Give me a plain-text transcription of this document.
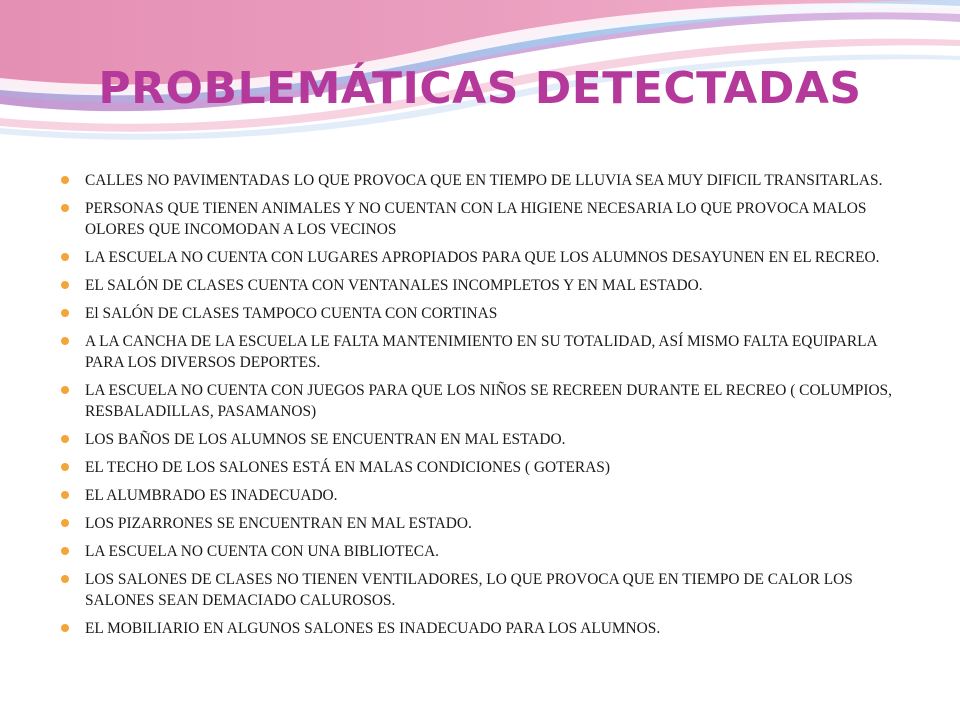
PROBLEMÁTICAS DETECTADAS
CALLES NO PAVIMENTADAS LO QUE PROVOCA QUE EN TIEMPO DE LLUVIA SEA MUY DIFICIL TRANSITARLAS.
PERSONAS QUE TIENEN ANIMALES Y NO CUENTAN CON LA HIGIENE NECESARIA LO QUE PROVOCA MALOS OLORES QUE INCOMODAN A LOS VECINOS
LA ESCUELA NO CUENTA CON LUGARES APROPIADOS PARA QUE LOS ALUMNOS DESAYUNEN EN EL RECREO.
EL SALÓN DE CLASES CUENTA CON VENTANALES INCOMPLETOS Y EN MAL ESTADO.
El SALÓN DE CLASES TAMPOCO CUENTA CON CORTINAS
A LA CANCHA DE LA ESCUELA LE FALTA MANTENIMIENTO EN SU TOTALIDAD, ASÍ MISMO FALTA EQUIPARLA PARA LOS DIVERSOS DEPORTES.
LA ESCUELA NO CUENTA CON JUEGOS PARA QUE LOS NIÑOS SE RECREEN DURANTE EL RECREO ( COLUMPIOS, RESBALADILLAS, PASAMANOS)
LOS BAÑOS DE LOS ALUMNOS SE ENCUENTRAN EN MAL ESTADO.
EL TECHO DE LOS SALONES ESTÁ EN MALAS CONDICIONES ( GOTERAS)
EL ALUMBRADO ES INADECUADO.
LOS PIZARRONES SE ENCUENTRAN EN MAL ESTADO.
LA ESCUELA NO CUENTA CON UNA BIBLIOTECA.
LOS SALONES DE CLASES NO TIENEN VENTILADORES, LO QUE PROVOCA QUE EN TIEMPO DE CALOR LOS SALONES SEAN DEMACIADO CALUROSOS.
EL MOBILIARIO EN ALGUNOS SALONES ES INADECUADO PARA LOS ALUMNOS.
